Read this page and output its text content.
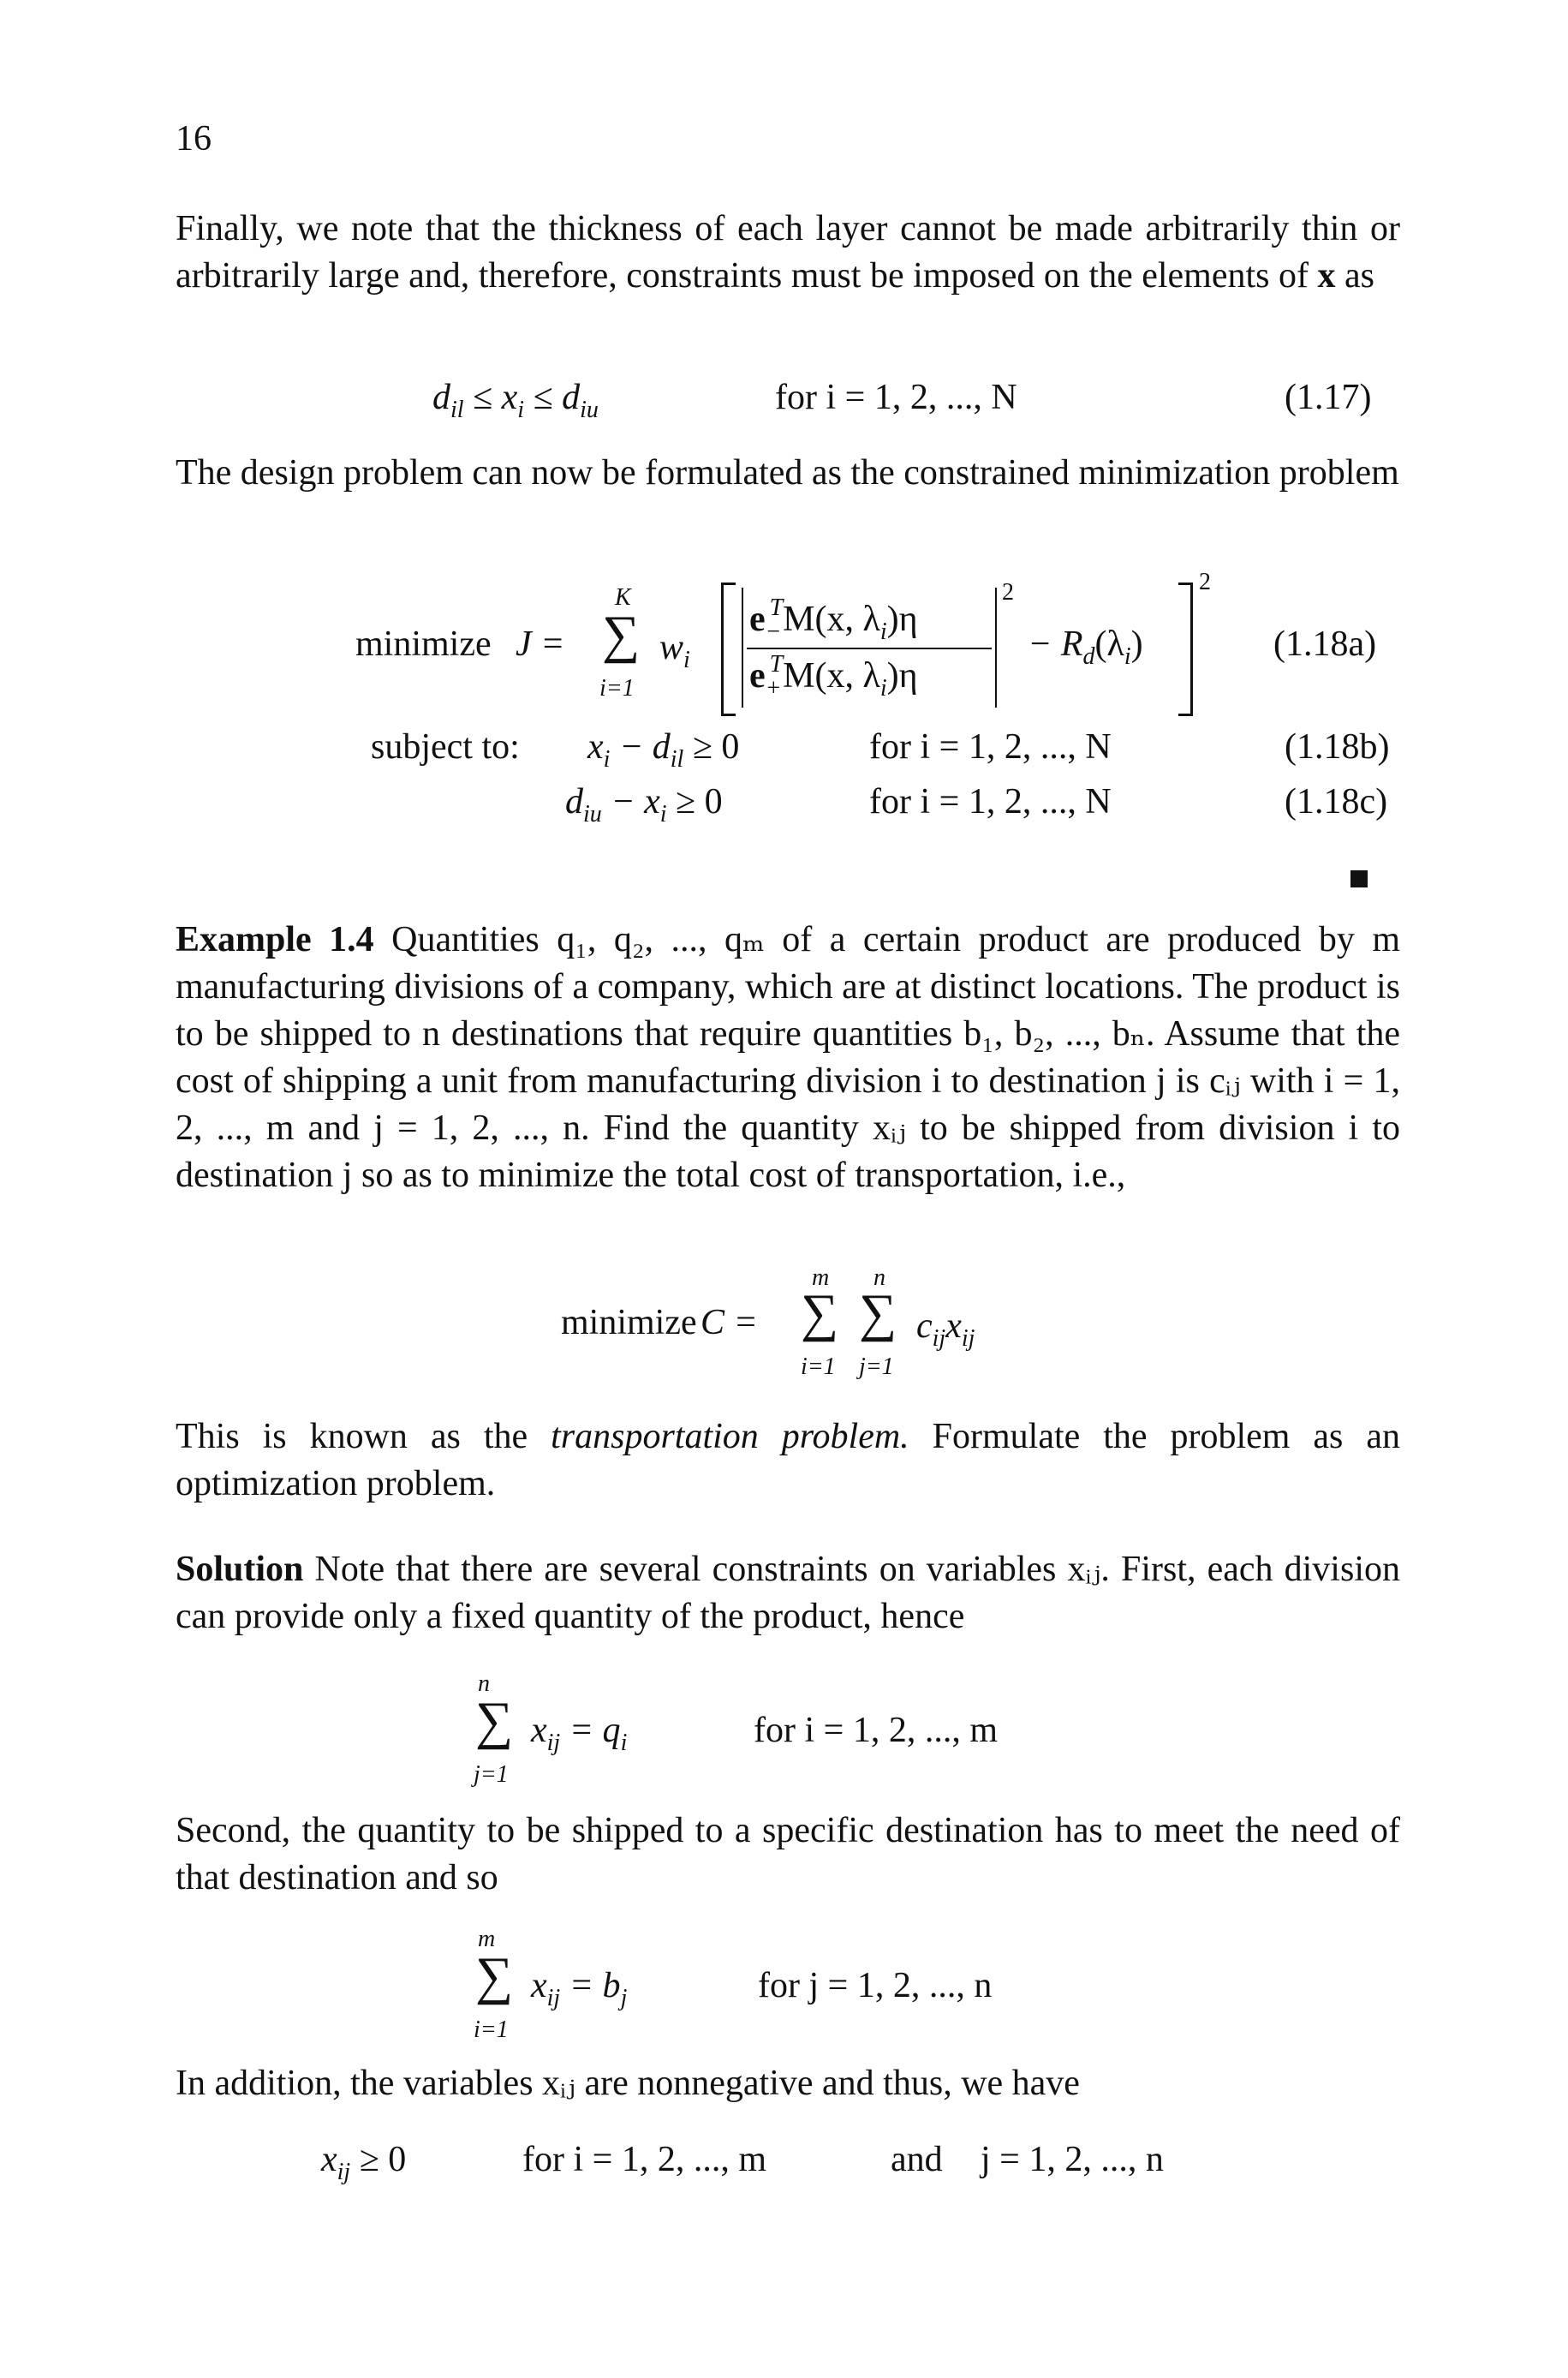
16

Finally, we note that the thickness of each layer cannot be made arbitrarily thin or arbitrarily large and, therefore, constraints must be imposed on the elements of x as

$d_{il} \le x_i \le d_{iu}$	for i = 1, 2, ..., N	(1.17)

The design problem can now be formulated as the constrained minimization problem

minimize J =
K
∑
i=1
$w_i$
$e_-^TM(x$, $\lambda_i)\eta$
$e_+^TM(x$, $\lambda_i)\eta$
2
− $R_d(\lambda_i)$
2
(1.18a)
subject to: $x_i - d_{il} \ge 0$	for i = 1, 2, ..., N	(1.18b)
$d_{iu} - x_i \ge 0$	for i = 1, 2, ..., N	(1.18c)

Example 1.4 Quantities q₁, q₂, ..., qₘ of a certain product are produced by m manufacturing divisions of a company, which are at distinct locations. The product is to be shipped to n destinations that require quantities b₁, b₂, ..., bₙ. Assume that the cost of shipping a unit from manufacturing division i to destination j is cᵢⱼ with i = 1, 2, ..., m and j = 1, 2, ..., n. Find the quantity xᵢⱼ to be shipped from division i to destination j so as to minimize the total cost of transportation, i.e.,

minimize C =
m
∑
i=1
n
∑
j=1
$c_{ij}x_{ij}$

This is known as the transportation problem. Formulate the problem as an optimization problem.

Solution Note that there are several constraints on variables xᵢⱼ. First, each division can provide only a fixed quantity of the product, hence

n
∑
j=1
$x_{ij} = q_i$	for i = 1, 2, ..., m

Second, the quantity to be shipped to a specific destination has to meet the need of that destination and so

m
∑
i=1
$x_{ij} = b_j$	for j = 1, 2, ..., n

In addition, the variables xᵢⱼ are nonnegative and thus, we have

$x_{ij} \ge 0$	for i = 1, 2, ..., m	and j = 1, 2, ..., n
